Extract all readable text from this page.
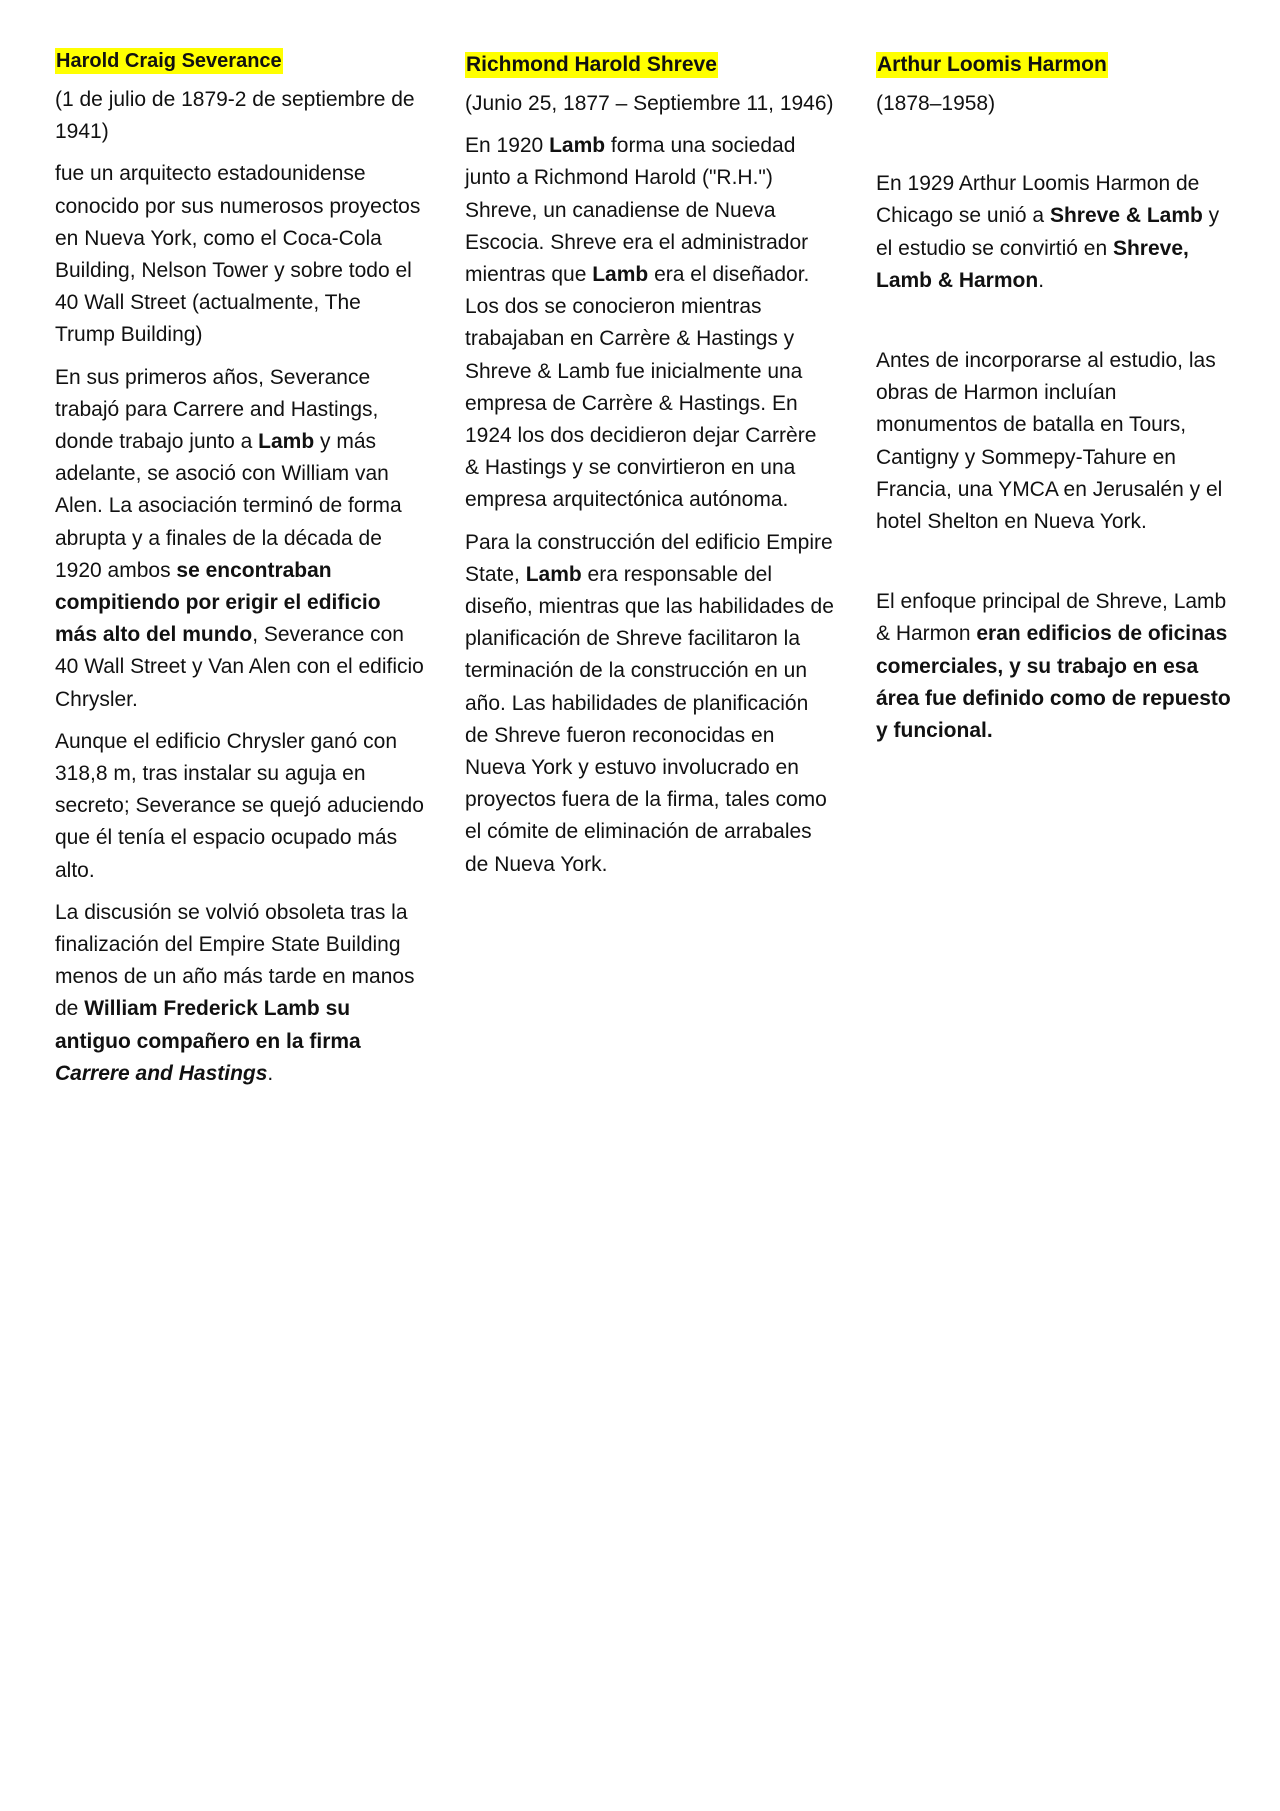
Harold Craig Severance

(1 de julio de 1879-2 de septiembre de 1941)

fue un arquitecto estadounidense conocido por sus numerosos proyectos en Nueva York, como el Coca-Cola Building, Nelson Tower y sobre todo el 40 Wall Street (actualmente, The Trump Building)

En sus primeros años, Severance trabajó para Carrere and Hastings, donde trabajo junto a Lamb y más adelante, se asoció con William van Alen. La asociación terminó de forma abrupta y a finales de la década de 1920 ambos se encontraban compitiendo por erigir el edificio más alto del mundo, Severance con 40 Wall Street y Van Alen con el edificio Chrysler.

Aunque el edificio Chrysler ganó con 318,8 m, tras instalar su aguja en secreto; Severance se quejó aduciendo que él tenía el espacio ocupado más alto.

La discusión se volvió obsoleta tras la finalización del Empire State Building menos de un año más tarde en manos de William Frederick Lamb su antiguo compañero en la firma Carrere and Hastings.

Richmond Harold Shreve

(Junio 25, 1877 – Septiembre 11, 1946)

En 1920 Lamb forma una sociedad junto a Richmond Harold ("R.H.") Shreve, un canadiense de Nueva Escocia. Shreve era el administrador mientras que Lamb era el diseñador. Los dos se conocieron mientras trabajaban en Carrère & Hastings y Shreve & Lamb fue inicialmente una empresa de Carrère & Hastings. En 1924 los dos decidieron dejar Carrère & Hastings y se convirtieron en una empresa arquitectónica autónoma.

Para la construcción del edificio Empire State, Lamb era responsable del diseño, mientras que las habilidades de planificación de Shreve facilitaron la terminación de la construcción en un año. Las habilidades de planificación de Shreve fueron reconocidas en Nueva York y estuvo involucrado en proyectos fuera de la firma, tales como el cómite de eliminación de arrabales de Nueva York.

Arthur Loomis Harmon

(1878–1958)

En 1929 Arthur Loomis Harmon de Chicago se unió a Shreve & Lamb y el estudio se convirtió en Shreve, Lamb & Harmon.

Antes de incorporarse al estudio, las obras de Harmon incluían monumentos de batalla en Tours, Cantigny y Sommepy-Tahure en Francia, una YMCA en Jerusalén y el hotel Shelton en Nueva York.

El enfoque principal de Shreve, Lamb & Harmon eran edificios de oficinas comerciales, y su trabajo en esa área fue definido como de repuesto y funcional.
